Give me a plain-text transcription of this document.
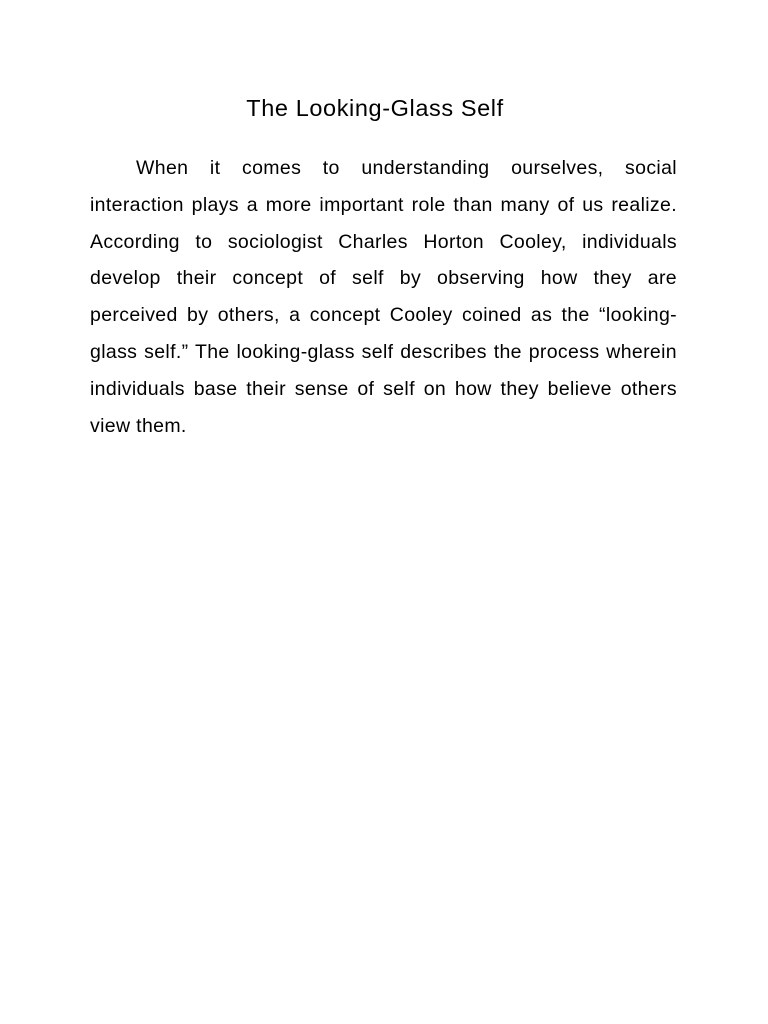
The Looking-Glass Self

When it comes to understanding ourselves, social interaction plays a more important role than many of us realize. According to sociologist Charles Horton Cooley, individuals develop their concept of self by observing how they are perceived by others, a concept Cooley coined as the “looking-glass self.” The looking-glass self describes the process wherein individuals base their sense of self on how they believe others view them.
